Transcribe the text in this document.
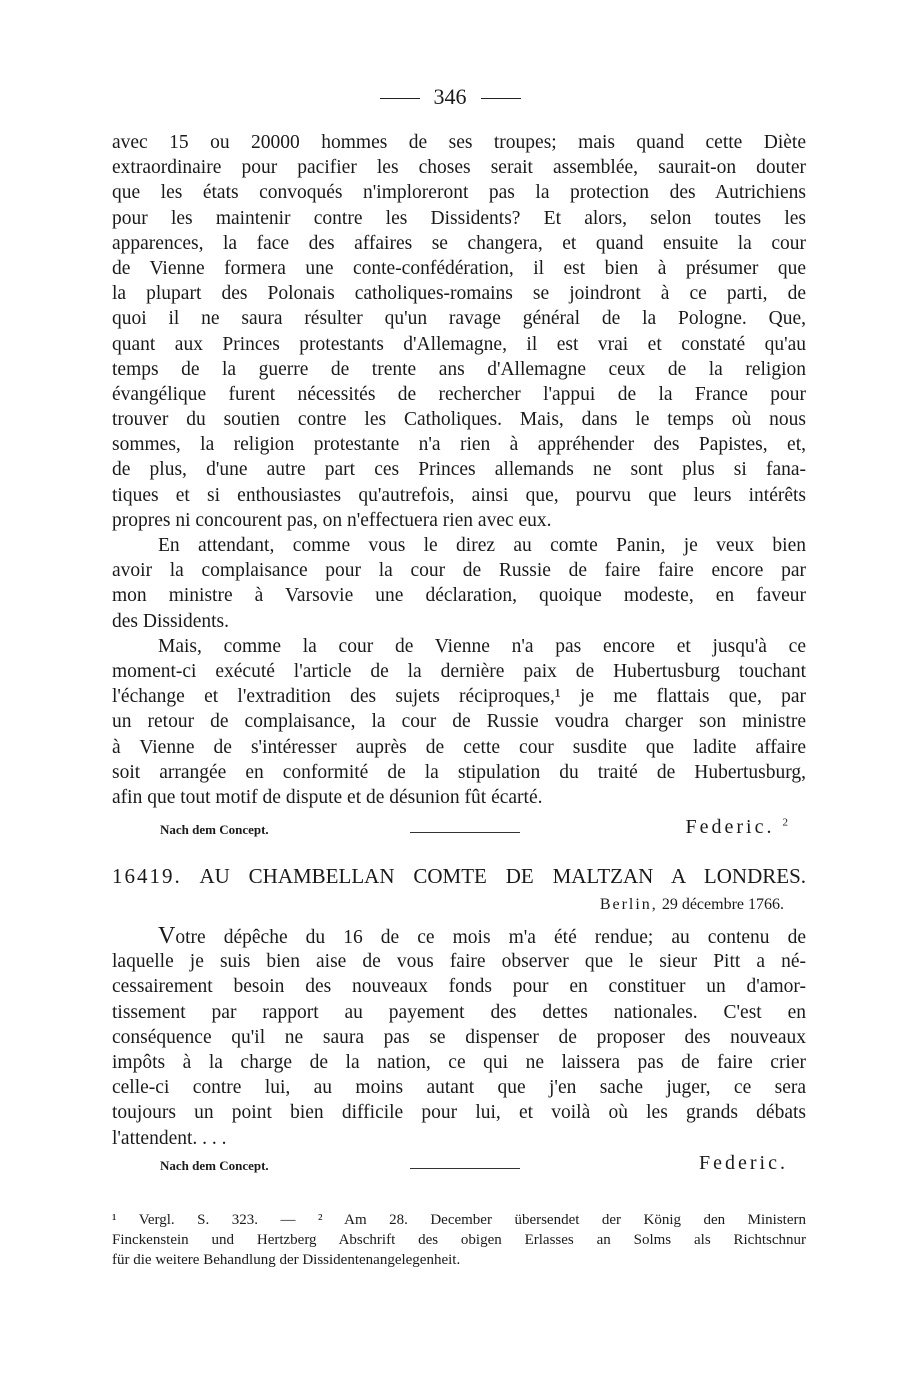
346
avec 15 ou 20000 hommes de ses troupes; mais quand cette Diète
extraordinaire pour pacifier les choses serait assemblée, saurait-on douter
que les états convoqués n'imploreront pas la protection des Autrichiens
pour les maintenir contre les Dissidents? Et alors, selon toutes les
apparences, la face des affaires se changera, et quand ensuite la cour
de Vienne formera une conte-confédération, il est bien à présumer que
la plupart des Polonais catholiques-romains se joindront à ce parti, de
quoi il ne saura résulter qu'un ravage général de la Pologne. Que,
quant aux Princes protestants d'Allemagne, il est vrai et constaté qu'au
temps de la guerre de trente ans d'Allemagne ceux de la religion
évangélique furent nécessités de rechercher l'appui de la France pour
trouver du soutien contre les Catholiques. Mais, dans le temps où nous
sommes, la religion protestante n'a rien à appréhender des Papistes, et,
de plus, d'une autre part ces Princes allemands ne sont plus si fana-
tiques et si enthousiastes qu'autrefois, ainsi que, pourvu que leurs intérêts
propres ni concourent pas, on n'effectuera rien avec eux.
En attendant, comme vous le direz au comte Panin, je veux bien
avoir la complaisance pour la cour de Russie de faire faire encore par
mon ministre à Varsovie une déclaration, quoique modeste, en faveur
des Dissidents.
Mais, comme la cour de Vienne n'a pas encore et jusqu'à ce
moment-ci exécuté l'article de la dernière paix de Hubertusburg touchant
l'échange et l'extradition des sujets réciproques,¹ je me flattais que, par
un retour de complaisance, la cour de Russie voudra charger son ministre
à Vienne de s'intéresser auprès de cette cour susdite que ladite affaire
soit arrangée en conformité de la stipulation du traité de Hubertusburg,
afin que tout motif de dispute et de désunion fût écarté.
Nach dem Concept.	Federic. $^2$
16419. AU CHAMBELLAN COMTE DE MALTZAN A LONDRES.
Berlin, 29 décembre 1766.
Votre dépêche du 16 de ce mois m'a été rendue; au contenu de
laquelle je suis bien aise de vous faire observer que le sieur Pitt a né-
cessairement besoin des nouveaux fonds pour en constituer un d'amor-
tissement par rapport au payement des dettes nationales. C'est en
conséquence qu'il ne saura pas se dispenser de proposer des nouveaux
impôts à la charge de la nation, ce qui ne laissera pas de faire crier
celle-ci contre lui, au moins autant que j'en sache juger, ce sera
toujours un point bien difficile pour lui, et voilà où les grands débats
l'attendent. . . .
Nach dem Concept.	Federic.
¹ Vergl. S. 323. — ² Am 28. December übersendet der König den Ministern
Finckenstein und Hertzberg Abschrift des obigen Erlasses an Solms als Richtschnur
für die weitere Behandlung der Dissidentenangelegenheit.
